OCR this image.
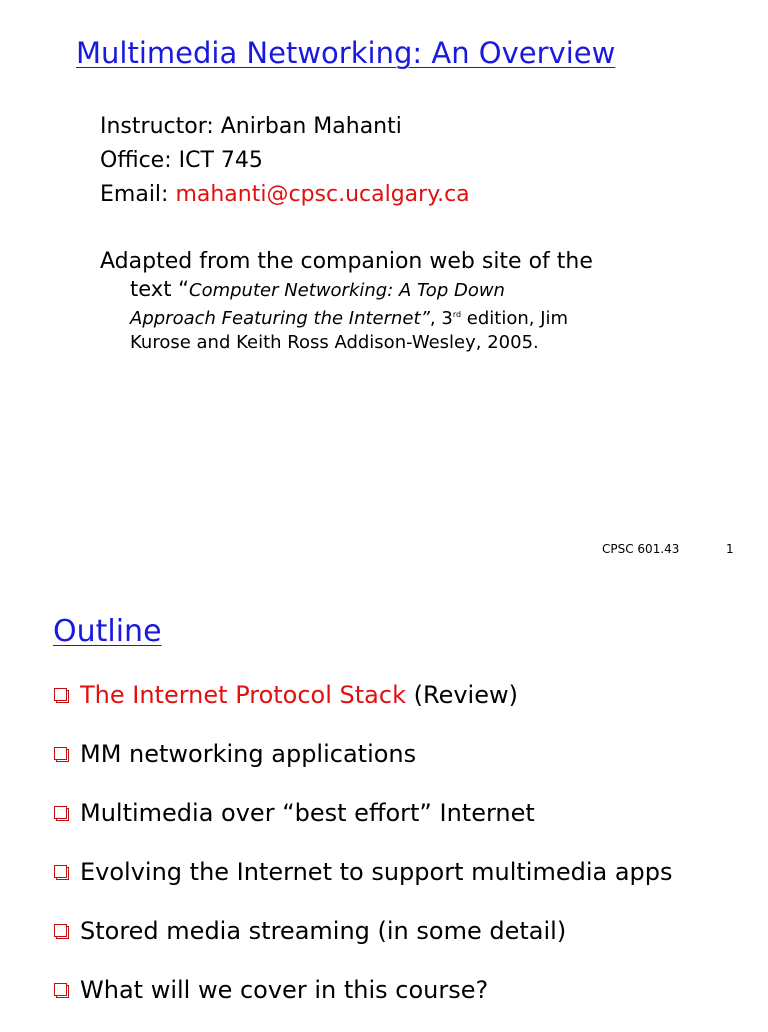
Multimedia Networking: An Overview
Instructor: Anirban Mahanti
Office: ICT 745
Email: mahanti@cpsc.ucalgary.ca
Adapted from the companion web site of the
text “Computer Networking: A Top Down
Approach Featuring the Internet”, 3rd edition, Jim
Kurose and Keith Ross Addison-Wesley, 2005.
CPSC 601.43	1
Outline
The Internet Protocol Stack (Review)
MM networking applications
Multimedia over “best effort” Internet
Evolving the Internet to support multimedia apps
Stored media streaming (in some detail)
What will we cover in this course?
